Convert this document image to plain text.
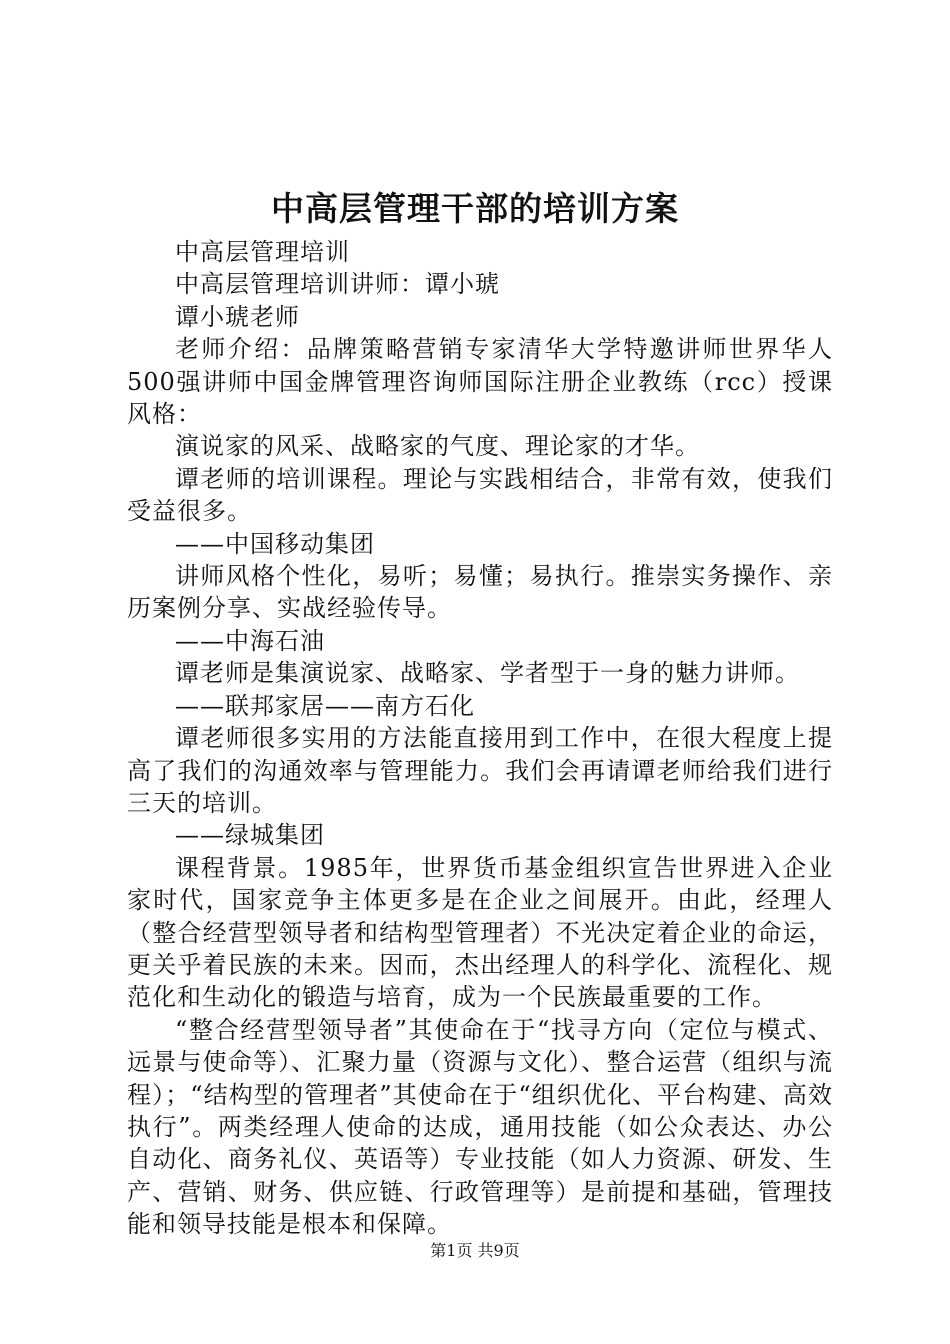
中高层管理干部的培训方案

中高层管理培训

中高层管理培训讲师：谭小琥

谭小琥老师

老师介绍：品牌策略营销专家清华大学特邀讲师世界华人500强讲师中国金牌管理咨询师国际注册企业教练（rcc）授课风格：

演说家的风采、战略家的气度、理论家的才华。

谭老师的培训课程。理论与实践相结合，非常有效，使我们受益很多。

——中国移动集团

讲师风格个性化，易听；易懂；易执行。推崇实务操作、亲历案例分享、实战经验传导。

——中海石油

谭老师是集演说家、战略家、学者型于一身的魅力讲师。

——联邦家居——南方石化

谭老师很多实用的方法能直接用到工作中，在很大程度上提高了我们的沟通效率与管理能力。我们会再请谭老师给我们进行三天的培训。

——绿城集团

课程背景。1985年，世界货币基金组织宣告世界进入企业家时代，国家竞争主体更多是在企业之间展开。由此，经理人（整合经营型领导者和结构型管理者）不光决定着企业的命运，更关乎着民族的未来。因而，杰出经理人的科学化、流程化、规范化和生动化的锻造与培育，成为一个民族最重要的工作。

“整合经营型领导者”其使命在于“找寻方向（定位与模式、远景与使命等）、汇聚力量（资源与文化）、整合运营（组织与流程）；“结构型的管理者”其使命在于“组织优化、平台构建、高效执行”。两类经理人使命的达成，通用技能（如公众表达、办公自动化、商务礼仪、英语等）专业技能（如人力资源、研发、生产、营销、财务、供应链、行政管理等）是前提和基础，管理技能和领导技能是根本和保障。

第1页 共9页
